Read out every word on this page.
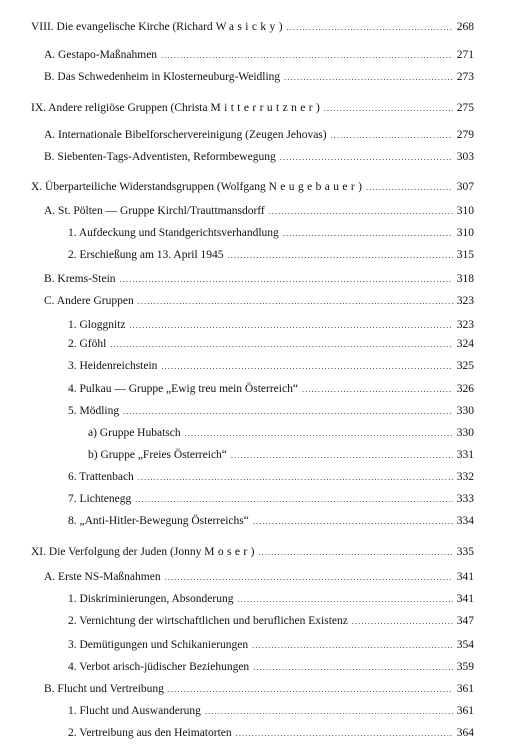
VIII. Die evangelische Kirche (Richard Wasicky) .....	268
A. Gestapo-Maßnahmen .....	271
B. Das Schwedenheim in Klosterneuburg-Weidling .....	273
IX. Andere religiöse Gruppen (Christa Mitterrutzner) .....	275
A. Internationale Bibelforschervereinigung (Zeugen Jehovas) .....	279
B. Siebenten-Tags-Adventisten, Reformbewegung .....	303
X. Überparteiliche Widerstandsgruppen (Wolfgang Neugebauer) .....	307
A. St. Pölten — Gruppe Kirchl/Trauttmansdorff .....	310
1. Aufdeckung und Standgerichtsverhandlung .....	310
2. Erschießung am 13. April 1945 .....	315
B. Krems-Stein .....	318
C. Andere Gruppen .....	323
1. Gloggnitz .....	323
2. Gföhl .....	324
3. Heidenreichstein .....	325
4. Pulkau — Gruppe „Ewig treu mein Österreich“ .....	326
5. Mödling .....	330
a) Gruppe Hubatsch .....	330
b) Gruppe „Freies Österreich“ .....	331
6. Trattenbach .....	332
7. Lichtenegg .....	333
8. „Anti-Hitler-Bewegung Österreichs“ .....	334
XI. Die Verfolgung der Juden (Jonny Moser) .....	335
A. Erste NS-Maßnahmen .....	341
1. Diskriminierungen, Absonderung .....	341
2. Vernichtung der wirtschaftlichen und beruflichen Existenz .....	347
3. Demütigungen und Schikanierungen .....	354
4. Verbot arisch-jüdischer Beziehungen .....	359
B. Flucht und Vertreibung .....	361
1. Flucht und Auswanderung .....	361
2. Vertreibung aus den Heimatorten .....	364
